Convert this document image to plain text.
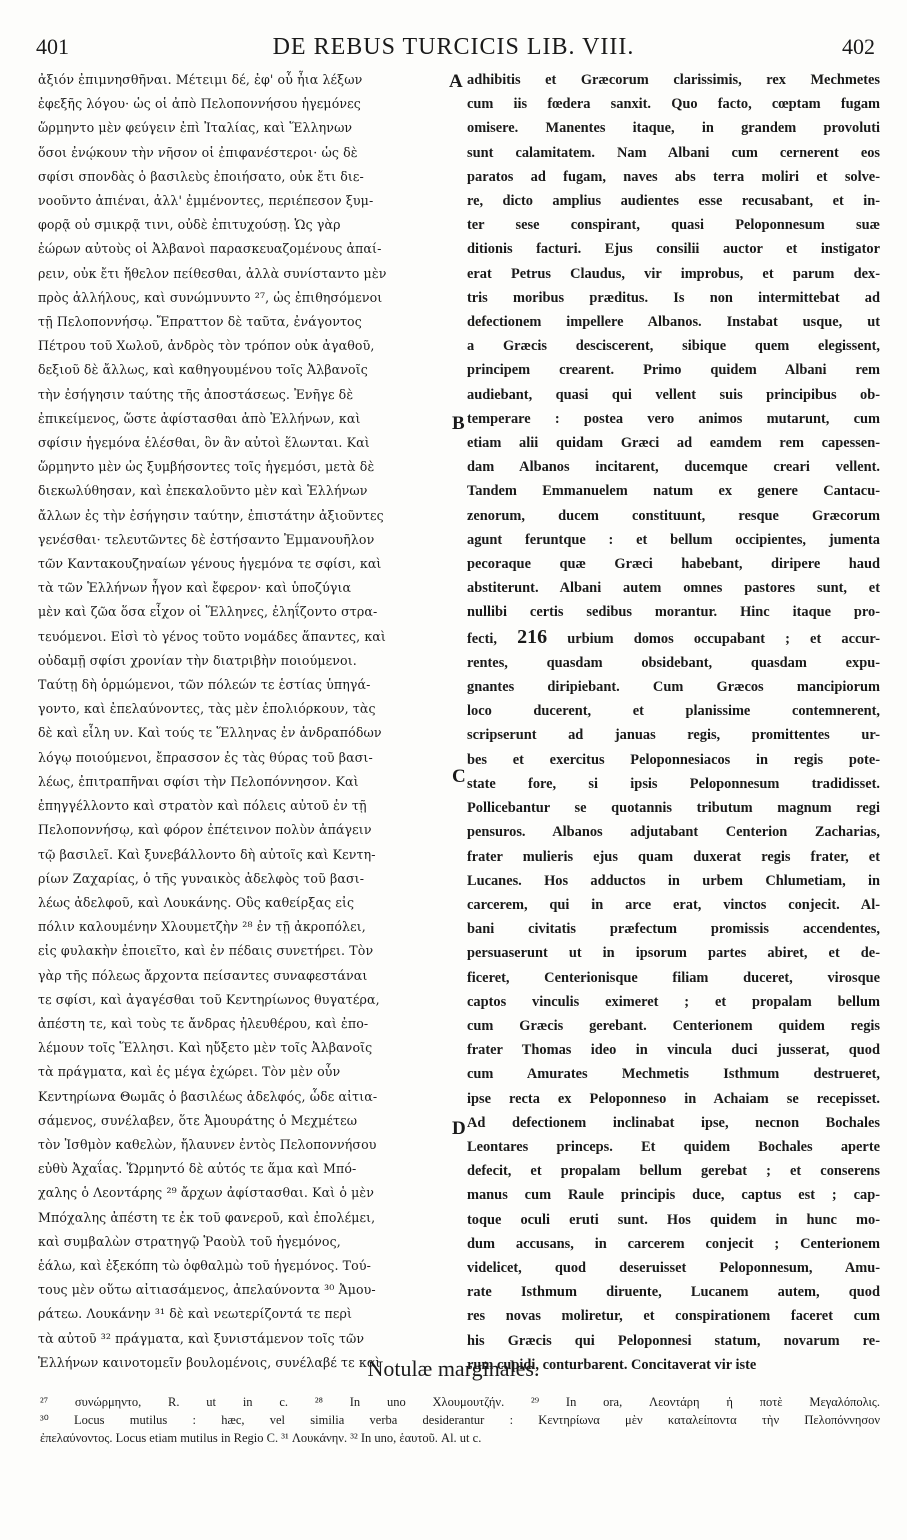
401	DE REBUS TURCICIS LIB. VIII.	402
ἀξιόν ἐπιμνησθῆναι. Μέτειμι δέ, ἐφ' οὗ ἦια λέξων
ἐφεξῆς λόγου· ὡς οἱ ἀπὸ Πελοποννήσου ἡγεμόνες
ὥρμηντο μὲν φεύγειν ἐπὶ Ἰταλίας, καὶ Ἕλληνων
ὅσοι ἐνῴκουν τὴν νῆσον οἱ ἐπιφανέστεροι· ὡς δὲ
σφίσι σπονδὰς ὁ βασιλεὺς ἐποιήσατο, οὐκ ἔτι διε-
νοοῦντο ἀπιέναι, ἀλλ' ἐμμένοντες, περιέπεσον ξυμ-
φορᾷ οὐ σμικρᾷ τινι, οὐδὲ ἐπιτυχούσῃ. Ὡς γὰρ
ἑώρων αὐτοὺς οἱ Ἀλβανοὶ παρασκευαζομένους ἀπαί-
ρειν, οὐκ ἔτι ἤθελον πείθεσθαι, ἀλλὰ συνίσταντο μὲν
πρὸς ἀλλήλους, καὶ συνώμνυντο ²⁷, ὡς ἐπιθησόμενοι
τῇ Πελοποννήσῳ. Ἔπραττον δὲ ταῦτα, ἐνάγοντος
Πέτρου τοῦ Χωλοῦ, ἀνδρὸς τὸν τρόπον οὐκ ἀγαθοῦ,
δεξιοῦ δὲ ἄλλως, καὶ καθηγουμένου τοῖς Ἀλβανοῖς
τὴν ἐσήγησιν ταύτης τῆς ἀποστάσεως. Ἐνῆγε δὲ
ἐπικείμενος, ὥστε ἀφίστασθαι ἀπὸ Ἑλλήνων, καὶ
σφίσιν ἡγεμόνα ἑλέσθαι, ὃν ἂν αὐτοὶ ἕλωνται. Καὶ
ὥρμηντο μὲν ὡς ξυμβήσοντες τοῖς ἡγεμόσι, μετὰ δὲ
διεκωλύθησαν, καὶ ἐπεκαλοῦντο μὲν καὶ Ἑλλήνων
ἄλλων ἐς τὴν ἐσήγησιν ταύτην, ἐπιστάτην ἀξιοῦντες
γενέσθαι· τελευτῶντες δὲ ἐστήσαντο Ἐμμανουῆλον
τῶν Καντακουζηναίων γένους ἡγεμόνα τε σφίσι, καὶ
τὰ τῶν Ἑλλήνων ἦγον καὶ ἔφερον· καὶ ὑποζύγια
μὲν καὶ ζῶα ὅσα εἶχον οἱ Ἕλληνες, ἐληΐζοντο στρα-
τευόμενοι. Εἰσὶ τὸ γένος τοῦτο νομάδες ἅπαντες, καὶ
οὐδαμῇ σφίσι χρονίαν τὴν διατριβὴν ποιούμενοι.
Ταύτῃ δὴ ὁρμώμενοι, τῶν πόλεών τε ἑστίας ὑπηγά-
γοντο, καὶ ἐπελαύνοντες, τὰς μὲν ἐπολιόρκουν, τὰς
δὲ καὶ εἷλη υν. Καὶ τούς τε Ἕλληνας ἐν ἀνδραπόδων
λόγῳ ποιούμενοι, ἔπρασσον ἐς τὰς θύρας τοῦ βασι-
λέως, ἐπιτραπῆναι σφίσι τὴν Πελοπόννησον. Καὶ
ἐπηγγέλλοντο καὶ στρατὸν καὶ πόλεις αὐτοῦ ἐν τῇ
Πελοποννήσῳ, καὶ φόρον ἐπέτεινον πολὺν ἀπάγειν
τῷ βασιλεῖ. Καὶ ξυνεβάλλοντο δὴ αὐτοῖς καὶ Κεντη-
ρίων Ζαχαρίας, ὁ τῆς γυναικὸς ἀδελφὸς τοῦ βασι-
λέως ἀδελφοῦ, καὶ Λουκάνης. Οὓς καθείρξας εἰς
πόλιν καλουμένην Χλουμετζὴν ²⁸ ἐν τῇ ἀκροπόλει,
εἰς φυλακὴν ἐποιεῖτο, καὶ ἐν πέδαις συνετήρει. Τὸν
γὰρ τῆς πόλεως ἄρχοντα πείσαντες συναφεστάναι
τε σφίσι, καὶ ἀγαγέσθαι τοῦ Κεντηρίωνος θυγατέρα,
ἀπέστη τε, καὶ τοὺς τε ἄνδρας ἠλευθέρου, καὶ ἐπο-
λέμουν τοῖς Ἕλλησι. Καὶ ηὔξετο μὲν τοῖς Ἀλβανοῖς
τὰ πράγματα, καὶ ἐς μέγα ἐχώρει. Τὸν μὲν οὖν
Κεντηρίωνα Θωμᾶς ὁ βασιλέως ἀδελφός, ὧδε αἰτια-
σάμενος, συνέλαβεν, ὅτε Ἀμουράτης ὁ Μεχμέτεω
τὸν Ἰσθμὸν καθελὼν, ἤλαυνεν ἐντὸς Πελοποννήσου
εὐθὺ Ἀχαΐας. Ὥρμηντό δὲ αὐτός τε ἅμα καὶ Μπό-
χαλης ὁ Λεοντάρης ²⁹ ἄρχων ἀφίστασθαι. Καὶ ὁ μὲν
Μπόχαλης ἀπέστη τε ἐκ τοῦ φανεροῦ, καὶ ἐπολέμει,
καὶ συμβαλὼν στρατηγῷ Ῥαοὺλ τοῦ ἡγεμόνος,
ἑάλω, καὶ ἐξεκόπη τὼ ὀφθαλμὼ τοῦ ἡγεμόνος. Τού-
τους μὲν οὕτω αἰτιασάμενος, ἀπελαύνοντα ³⁰ Ἀμου-
ράτεω. Λουκάνην ³¹ δὲ καὶ νεωτερίζοντά τε περὶ
τὰ αὐτοῦ ³² πράγματα, καὶ ξυνιστάμενον τοῖς τῶν
Ἑλλήνων καινοτομεῖν βουλομένοις, συνέλαβέ τε καὶ
adhibitis et Græcorum clarissimis, rex Mechmetes
cum iis fœdera sanxit. Quo facto, cœptam fugam
omisere. Manentes itaque, in grandem provoluti
sunt calamitatem. Nam Albani cum cernerent eos
paratos ad fugam, naves abs terra moliri et solve-
re, dicto amplius audientes esse recusabant, et in-
ter sese conspirant, quasi Peloponnesum suæ
ditionis facturi. Ejus consilii auctor et instigator
erat Petrus Claudus, vir improbus, et parum dex-
tris moribus præditus. Is non intermittebat ad
defectionem impellere Albanos. Instabat usque, ut
a Græcis desciscerent, sibique quem elegissent,
principem crearent. Primo quidem Albani rem
audiebant, quasi qui vellent suis principibus ob-
temperare : postea vero animos mutarunt, cum
etiam alii quidam Græci ad eamdem rem capessen-
dam Albanos incitarent, ducemque creari vellent.
Tandem Emmanuelem natum ex genere Cantacu-
zenorum, ducem constituunt, resque Græcorum
agunt feruntque : et bellum occipientes, jumenta
pecoraque quæ Græci habebant, diripere haud
abstiterunt. Albani autem omnes pastores sunt, et
nullibi certis sedibus morantur. Hinc itaque pro-
fecti, 216 urbium domos occupabant ; et accur-
rentes, quasdam obsidebant, quasdam expu-
gnantes diripiebant. Cum Græcos mancipiorum
loco ducerent, et planissime contemnerent,
scripserunt ad januas regis, promittentes ur-
bes et exercitus Peloponnesiacos in regis pote-
state fore, si ipsis Peloponnesum tradidisset.
Pollicebantur se quotannis tributum magnum regi
pensuros. Albanos adjutabant Centerion Zacharias,
frater mulieris ejus quam duxerat regis frater, et
Lucanes. Hos adductos in urbem Chlumetiam, in
carcerem, qui in arce erat, vinctos conjecit. Al-
bani civitatis præfectum promissis accendentes,
persuaserunt ut in ipsorum partes abiret, et de-
ficeret, Centerionisque filiam duceret, virosque
captos vinculis eximeret ; et propalam bellum
cum Græcis gerebant. Centerionem quidem regis
frater Thomas ideo in vincula duci jusserat, quod
cum Amurates Mechmetis Isthmum destrueret,
ipse recta ex Peloponneso in Achaiam se recepisset.
Ad defectionem inclinabat ipse, necnon Bochales
Leontares princeps. Et quidem Bochales aperte
defecit, et propalam bellum gerebat ; et conserens
manus cum Raule principis duce, captus est ; cap-
toque oculi eruti sunt. Hos quidem in hunc mo-
dum accusans, in carcerem conjecit ; Centerionem
videlicet, quod deseruisset Peloponnesum, Amu-
rate Isthmum diruente, Lucanem autem, quod
res novas moliretur, et conspirationem faceret cum
his Græcis qui Peloponnesi statum, novarum re-
rum cupidi, conturbarent. Concitaverat vir iste
A
B
C
D
Notulæ marginales.
²⁷ συνώρμηντο, R. ut in c. ²⁸ In uno Χλουμουτζήν. ²⁹ In ora, Λεοντάρη ἡ ποτὲ Μεγαλόπολις.
³⁰ Locus mutilus : hæc, vel similia verba desiderantur : Κεντηρίωνα μὲν καταλείποντα τὴν Πελοπόννησον
ἐπελαύνοντος. Locus etiam mutilus in Regio C. ³¹ Λουκάνην. ³² In uno, ἑαυτοῦ. Al. ut c.
